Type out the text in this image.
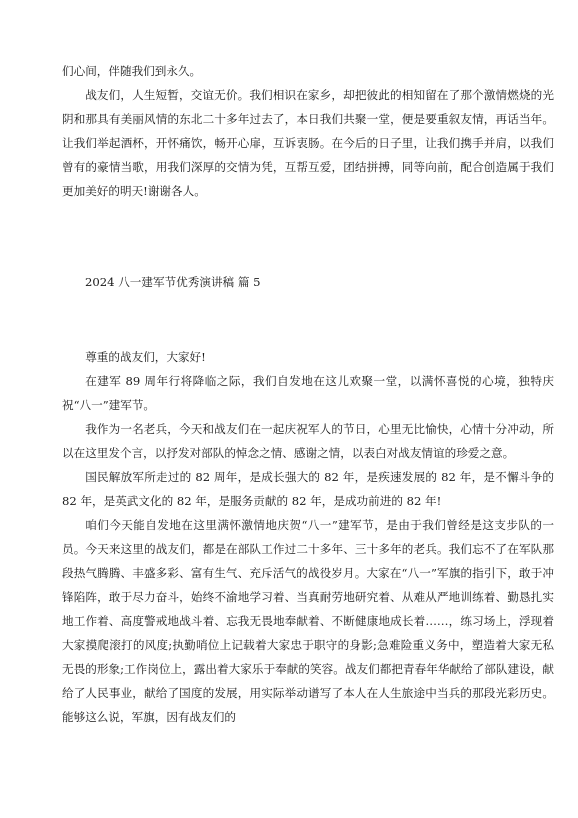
们心间，伴随我们到永久。

战友们，人生短暂，交谊无价。我们相识在家乡，却把彼此的相知留在了那个激情燃烧的光阴和那具有美丽风情的东北二十多年过去了，本日我们共聚一堂，便是要重叙友情，再话当年。让我们举起酒杯，开怀痛饮，畅开心扉，互诉衷肠。在今后的日子里，让我们携手并肩，以我们曾有的豪情当歌，用我们深厚的交情为凭，互帮互爱，团结拼搏，同等向前，配合创造属于我们更加美好的明天!谢谢各人。

2024 八一建军节优秀演讲稿 篇 5

尊重的战友们，大家好!

在建军 89 周年行将降临之际，我们自发地在这儿欢聚一堂，以满怀喜悦的心境，独特庆祝“八一”建军节。

我作为一名老兵，今天和战友们在一起庆祝军人的节日，心里无比愉快，心情十分冲动，所以在这里发个言，以抒发对部队的悼念之情、感谢之情，以表白对战友情谊的珍爱之意。

国民解放军所走过的 82 周年，是成长强大的 82 年，是疾速发展的 82 年，是不懈斗争的 82 年，是英武文化的 82 年，是服务贡献的 82 年，是成功前进的 82 年!

咱们今天能自发地在这里满怀激情地庆贺“八一”建军节，是由于我们曾经是这支步队的一员。今天来这里的战友们，都是在部队工作过二十多年、三十多年的老兵。我们忘不了在军队那段热气腾腾、丰盛多彩、富有生气、充斥活气的战役岁月。大家在“八一”军旗的指引下，敢于冲锋陷阵，敢于尽力奋斗，始终不渝地学习着、当真耐劳地研究着、从难从严地训练着、勤恳扎实地工作着、高度警戒地战斗着、忘我无畏地奉献着、不断健康地成长着……，练习场上，浮现着大家摸爬滚打的风度;执勤哨位上记载着大家忠于职守的身影;急难险重义务中，塑造着大家无私无畏的形象;工作岗位上，露出着大家乐于奉献的笑容。战友们都把青春年华献给了部队建设，献给了人民事业，献给了国度的发展，用实际举动谱写了本人在人生旅途中当兵的那段光彩历史。能够这么说，军旗，因有战友们的
